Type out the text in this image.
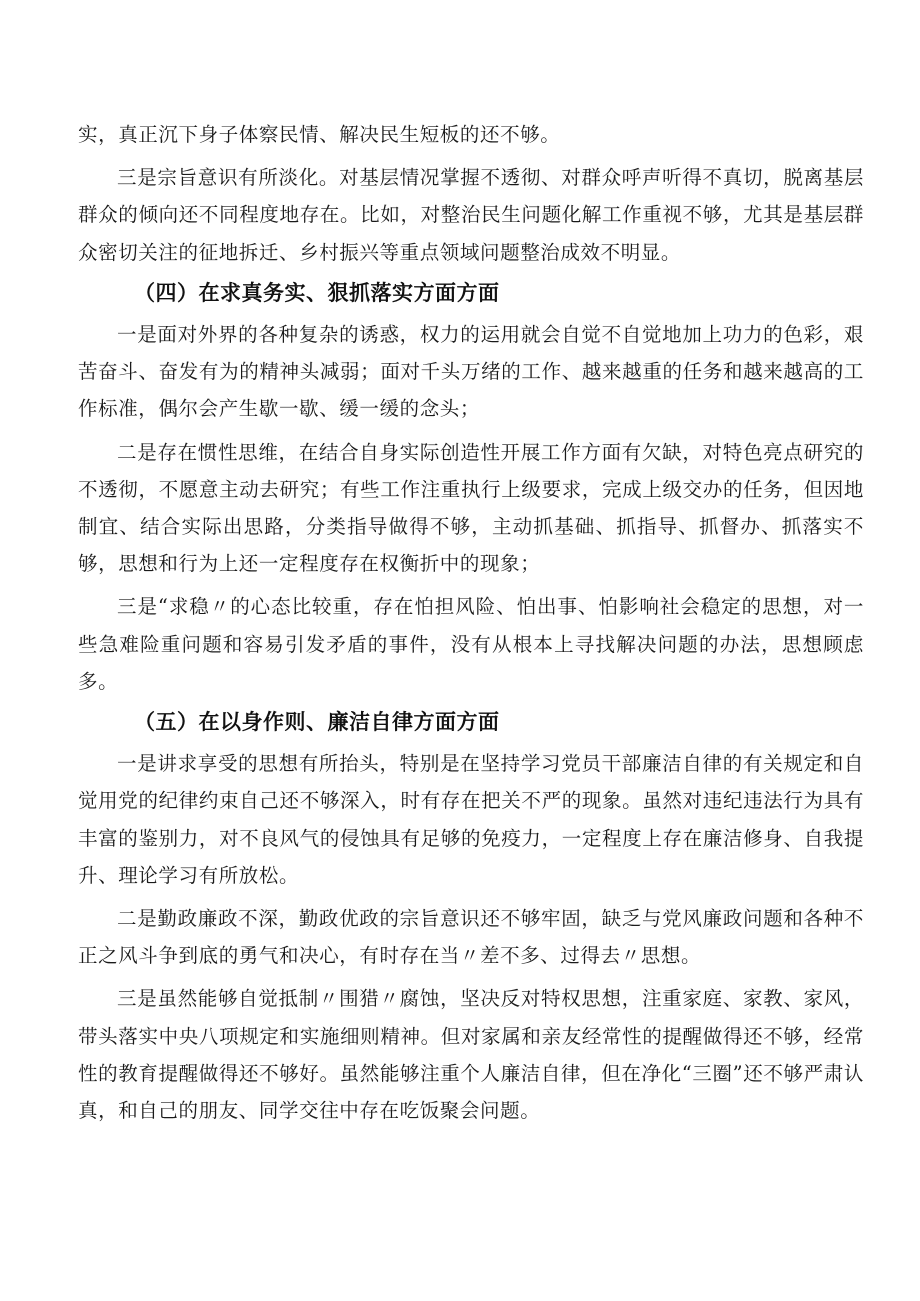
实，真正沉下身子体察民情、解决民生短板的还不够。

三是宗旨意识有所淡化。对基层情况掌握不透彻、对群众呼声听得不真切，脱离基层群众的倾向还不同程度地存在。比如，对整治民生问题化解工作重视不够，尤其是基层群众密切关注的征地拆迁、乡村振兴等重点领域问题整治成效不明显。

（四）在求真务实、狠抓落实方面方面

一是面对外界的各种复杂的诱惑，权力的运用就会自觉不自觉地加上功力的色彩，艰苦奋斗、奋发有为的精神头减弱；面对千头万绪的工作、越来越重的任务和越来越高的工作标准，偶尔会产生歇一歇、缓一缓的念头；

二是存在惯性思维，在结合自身实际创造性开展工作方面有欠缺，对特色亮点研究的不透彻，不愿意主动去研究；有些工作注重执行上级要求，完成上级交办的任务，但因地制宜、结合实际出思路，分类指导做得不够，主动抓基础、抓指导、抓督办、抓落实不够，思想和行为上还一定程度存在权衡折中的现象；

三是“求稳〃的心态比较重，存在怕担风险、怕出事、怕影响社会稳定的思想，对一些急难险重问题和容易引发矛盾的事件，没有从根本上寻找解决问题的办法，思想顾虑多。

（五）在以身作则、廉洁自律方面方面

一是讲求享受的思想有所抬头，特别是在坚持学习党员干部廉洁自律的有关规定和自觉用党的纪律约束自己还不够深入，时有存在把关不严的现象。虽然对违纪违法行为具有丰富的鉴别力，对不良风气的侵蚀具有足够的免疫力，一定程度上存在廉洁修身、自我提升、理论学习有所放松。

二是勤政廉政不深，勤政优政的宗旨意识还不够牢固，缺乏与党风廉政问题和各种不正之风斗争到底的勇气和决心，有时存在当〃差不多、过得去〃思想。

三是虽然能够自觉抵制〃围猎〃腐蚀，坚决反对特权思想，注重家庭、家教、家风，带头落实中央八项规定和实施细则精神。但对家属和亲友经常性的提醒做得还不够，经常性的教育提醒做得还不够好。虽然能够注重个人廉洁自律，但在净化“三圈”还不够严肃认真，和自己的朋友、同学交往中存在吃饭聚会问题。
